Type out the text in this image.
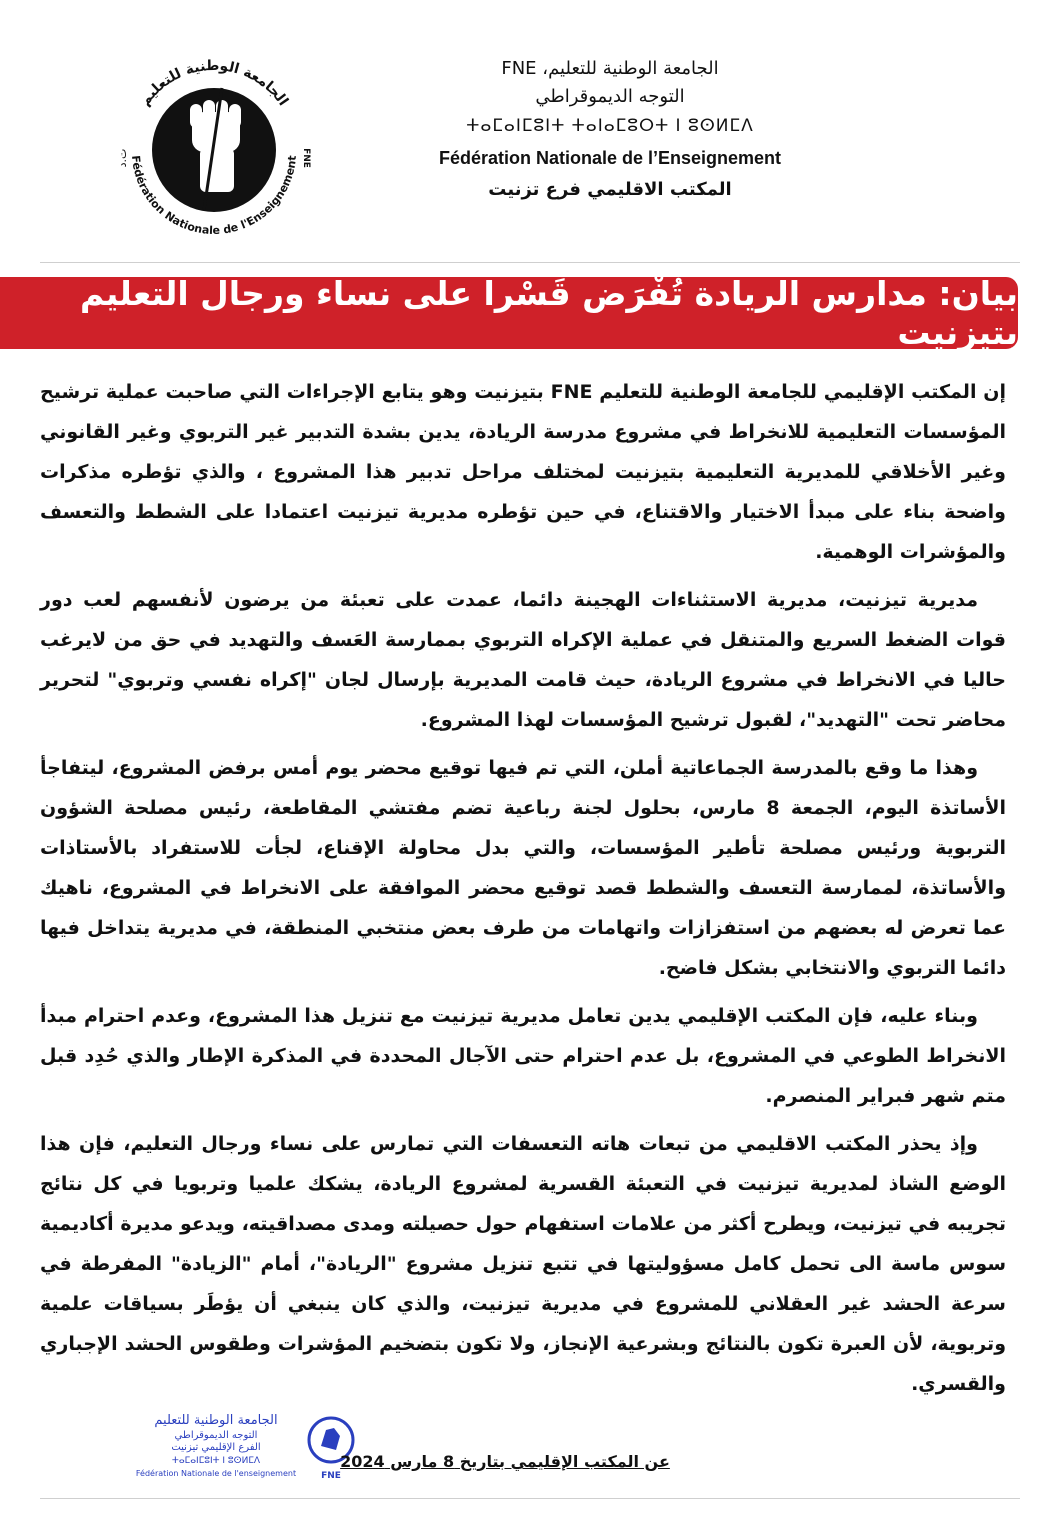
الجامعة الوطنية للتعليم
Fédération Nationale de l'Enseignement
ت.د	FNE
الجامعة الوطنية للتعليم، FNE
التوجه الديموقراطي
ⵜⴰⵎⴰⵏⵎⵓⵏⵜ ⵜⴰⵏⴰⵎⵓⵔⵜ ⵏ ⵓⵙⵍⵎⴷ
Fédération Nationale de l’Enseignement
المكتب الاقليمي فرع تزنيت
بيان: مدارس الريادة تُفْرَض قَسْرا على نساء ورجال التعليم بتيزنيت

إن المكتب الإقليمي للجامعة الوطنية للتعليم FNE بتيزنيت وهو يتابع الإجراءات التي صاحبت عملية ترشيح المؤسسات التعليمية للانخراط في مشروع مدرسة الريادة، يدين بشدة التدبير غير التربوي وغير القانوني وغير الأخلاقي للمديرية التعليمية بتيزنيت لمختلف مراحل تدبير هذا المشروع ، والذي تؤطره مذكرات واضحة بناء على مبدأ الاختيار والاقتناع، في حين تؤطره مديرية تيزنيت اعتمادا على الشطط والتعسف والمؤشرات الوهمية.

مديرية تيزنيت، مديرية الاستثناءات الهجينة دائما، عمدت على تعبئة من يرضون لأنفسهم لعب دور قوات الضغط السريع والمتنقل في عملية الإكراه التربوي بممارسة العَسف والتهديد في حق من لايرغب حاليا في الانخراط في مشروع الريادة، حيث قامت المديرية بإرسال لجان "إكراه نفسي وتربوي" لتحرير محاضر تحت "التهديد"، لقبول ترشيح المؤسسات لهذا المشروع.

وهذا ما وقع بالمدرسة الجماعاتية أملن، التي تم فيها توقيع محضر يوم أمس برفض المشروع، ليتفاجأ الأساتذة اليوم، الجمعة 8 مارس، بحلول لجنة رباعية تضم مفتشي المقاطعة، رئيس مصلحة الشؤون التربوية ورئيس مصلحة تأطير المؤسسات، والتي بدل محاولة الإقناع، لجأت للاستفراد بالأستاذات والأساتذة، لممارسة التعسف والشطط قصد توقيع محضر الموافقة على الانخراط في المشروع، ناهيك عما تعرض له بعضهم من استفزازات واتهامات من طرف بعض منتخبي المنطقة، في مديرية يتداخل فيها دائما التربوي والانتخابي بشكل فاضح.

وبناء عليه، فإن المكتب الإقليمي يدين تعامل مديرية تيزنيت مع تنزيل هذا المشروع، وعدم احترام مبدأ الانخراط الطوعي في المشروع، بل عدم احترام حتى الآجال المحددة في المذكرة الإطار والذي حُدِد قبل متم شهر فبراير المنصرم.

وإذ يحذر المكتب الاقليمي من تبعات هاته التعسفات التي تمارس على نساء ورجال التعليم، فإن هذا الوضع الشاذ لمديرية تيزنيت في التعبئة القسرية لمشروع الريادة، يشكك علميا وتربويا في كل نتائج تجريبه في تيزنيت، ويطرح أكثر من علامات استفهام حول حصيلته ومدى مصداقيته، ويدعو مديرة أكاديمية سوس ماسة الى تحمل كامل مسؤوليتها في تتبع تنزيل مشروع "الريادة"، أمام "الزيادة" المفرطة في سرعة الحشد غير العقلاني للمشروع في مديرية تيزنيت، والذي كان ينبغي أن يؤطَر بسياقات علمية وتربوية، لأن العبرة تكون بالنتائج وبشرعية الإنجاز، ولا تكون بتضخيم المؤشرات وطقوس الحشد الإجباري والقسري.

الجامعة الوطنية للتعليم
التوجه الديموقراطي
الفرع الإقليمي تيزنيت
ⵜⴰⵎⴰⵏⵎⵓⵏⵜ ⵏ ⵓⵙⵍⵎⴷ
Fédération Nationale de l'enseignement	FNE
عن المكتب الإقليمي بتاريخ 8 مارس 2024
